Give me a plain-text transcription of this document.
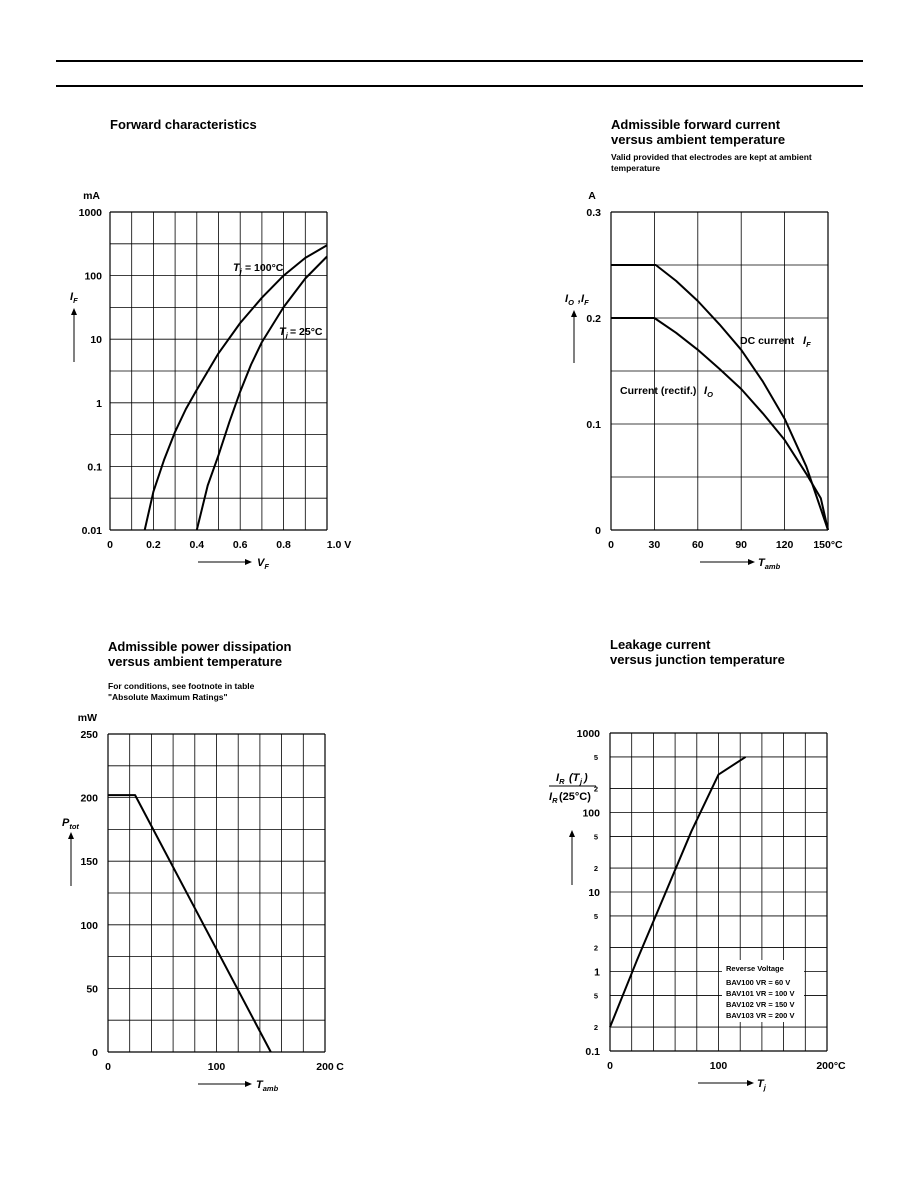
Forward characteristics
mA
0.01
0.1
1
10
100
1000
0	0.2	0.4	0.6	0.8	1.0 V
$I_F$
$V_F$
$T_j = 100^\circ C$
$T_j = 25^\circ C$
Admissible forward current
versus ambient temperature
Valid provided that electrodes are kept at ambient
temperature
A
0
0.1
0.2
0.3
0	30	60	90	120 150°C
$I_O$ $,I_F$
$T_{amb}$
DC current $I_F$
Current (rectif.) $I_O$
Admissible power dissipation
versus ambient temperature
For conditions, see footnote in table
"Absolute Maximum Ratings"
mW
0
50
100
150
200
250
0	100	200 C
$P_{tot}$
$T_{amb}$
Leakage current
versus junction temperature
0.1
1
10
100
1000
2
5
2
5
2
5
2
5
0	100	200°C
$I_R$ (T j )
$I_R$ (25°C)
$T_j$
Reverse Voltage
BAV100 VR = 60 V
BAV101 VR = 100 V
BAV102 VR = 150 V
BAV103 VR = 200 V
